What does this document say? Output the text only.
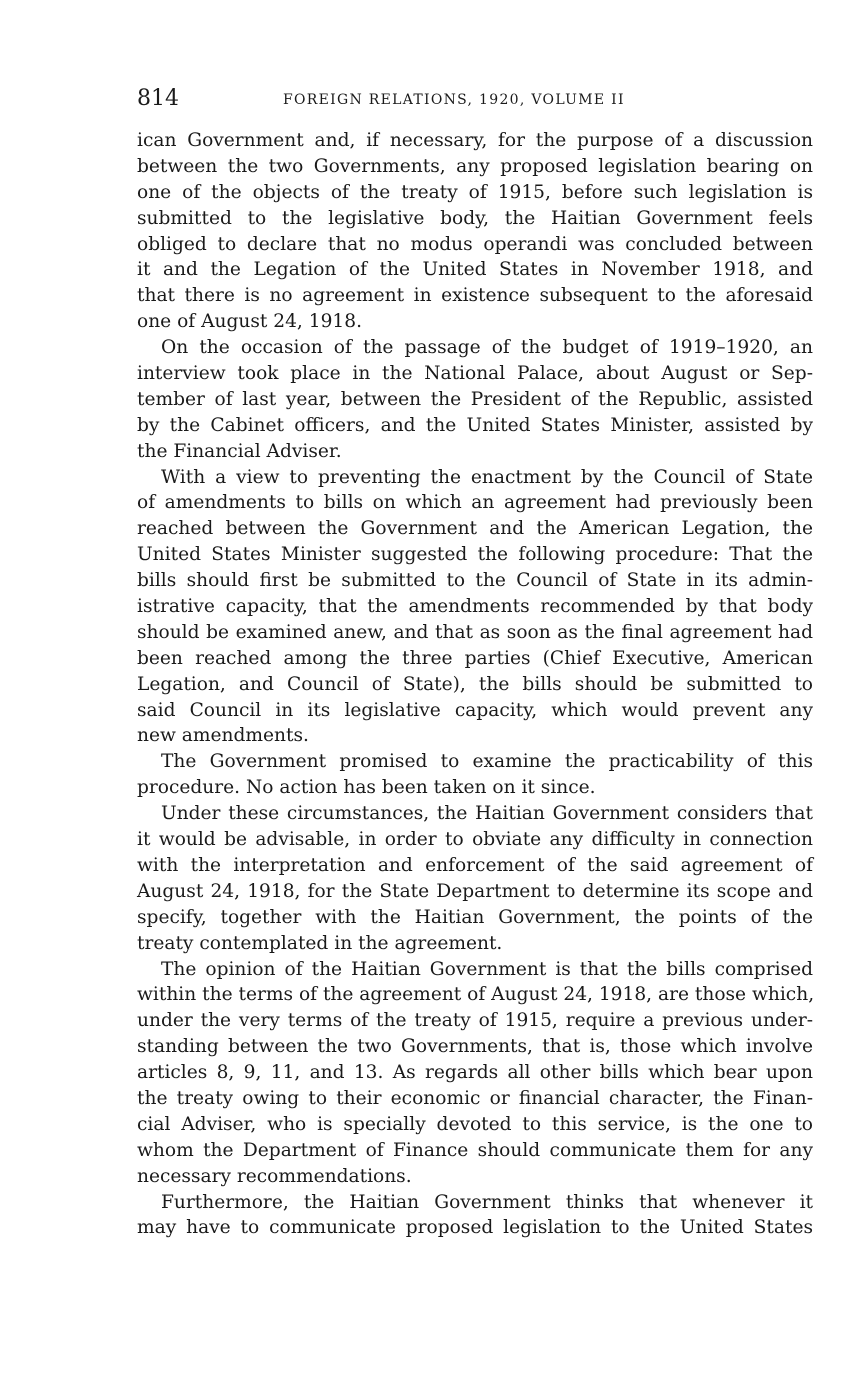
814	FOREIGN RELATIONS, 1920, VOLUME II
ican Government and, if necessary, for the purpose of a discussion
between the two Governments, any proposed legislation bearing on
one of the objects of the treaty of 1915, before such legislation is
submitted to the legislative body, the Haitian Government feels
obliged to declare that no modus operandi was concluded between
it and the Legation of the United States in November 1918, and
that there is no agreement in existence subsequent to the aforesaid
one of August 24, 1918.
On the occasion of the passage of the budget of 1919–1920, an
interview took place in the National Palace, about August or Sep-
tember of last year, between the President of the Republic, assisted
by the Cabinet officers, and the United States Minister, assisted by
the Financial Adviser.
With a view to preventing the enactment by the Council of State
of amendments to bills on which an agreement had previously been
reached between the Government and the American Legation, the
United States Minister suggested the following procedure: That the
bills should first be submitted to the Council of State in its admin-
istrative capacity, that the amendments recommended by that body
should be examined anew, and that as soon as the final agreement had
been reached among the three parties (Chief Executive, American
Legation, and Council of State), the bills should be submitted to
said Council in its legislative capacity, which would prevent any
new amendments.
The Government promised to examine the practicability of this
procedure. No action has been taken on it since.
Under these circumstances, the Haitian Government considers that
it would be advisable, in order to obviate any difficulty in connection
with the interpretation and enforcement of the said agreement of
August 24, 1918, for the State Department to determine its scope and
specify, together with the Haitian Government, the points of the
treaty contemplated in the agreement.
The opinion of the Haitian Government is that the bills comprised
within the terms of the agreement of August 24, 1918, are those which,
under the very terms of the treaty of 1915, require a previous under-
standing between the two Governments, that is, those which involve
articles 8, 9, 11, and 13. As regards all other bills which bear upon
the treaty owing to their economic or financial character, the Finan-
cial Adviser, who is specially devoted to this service, is the one to
whom the Department of Finance should communicate them for any
necessary recommendations.
Furthermore, the Haitian Government thinks that whenever it
may have to communicate proposed legislation to the United States
